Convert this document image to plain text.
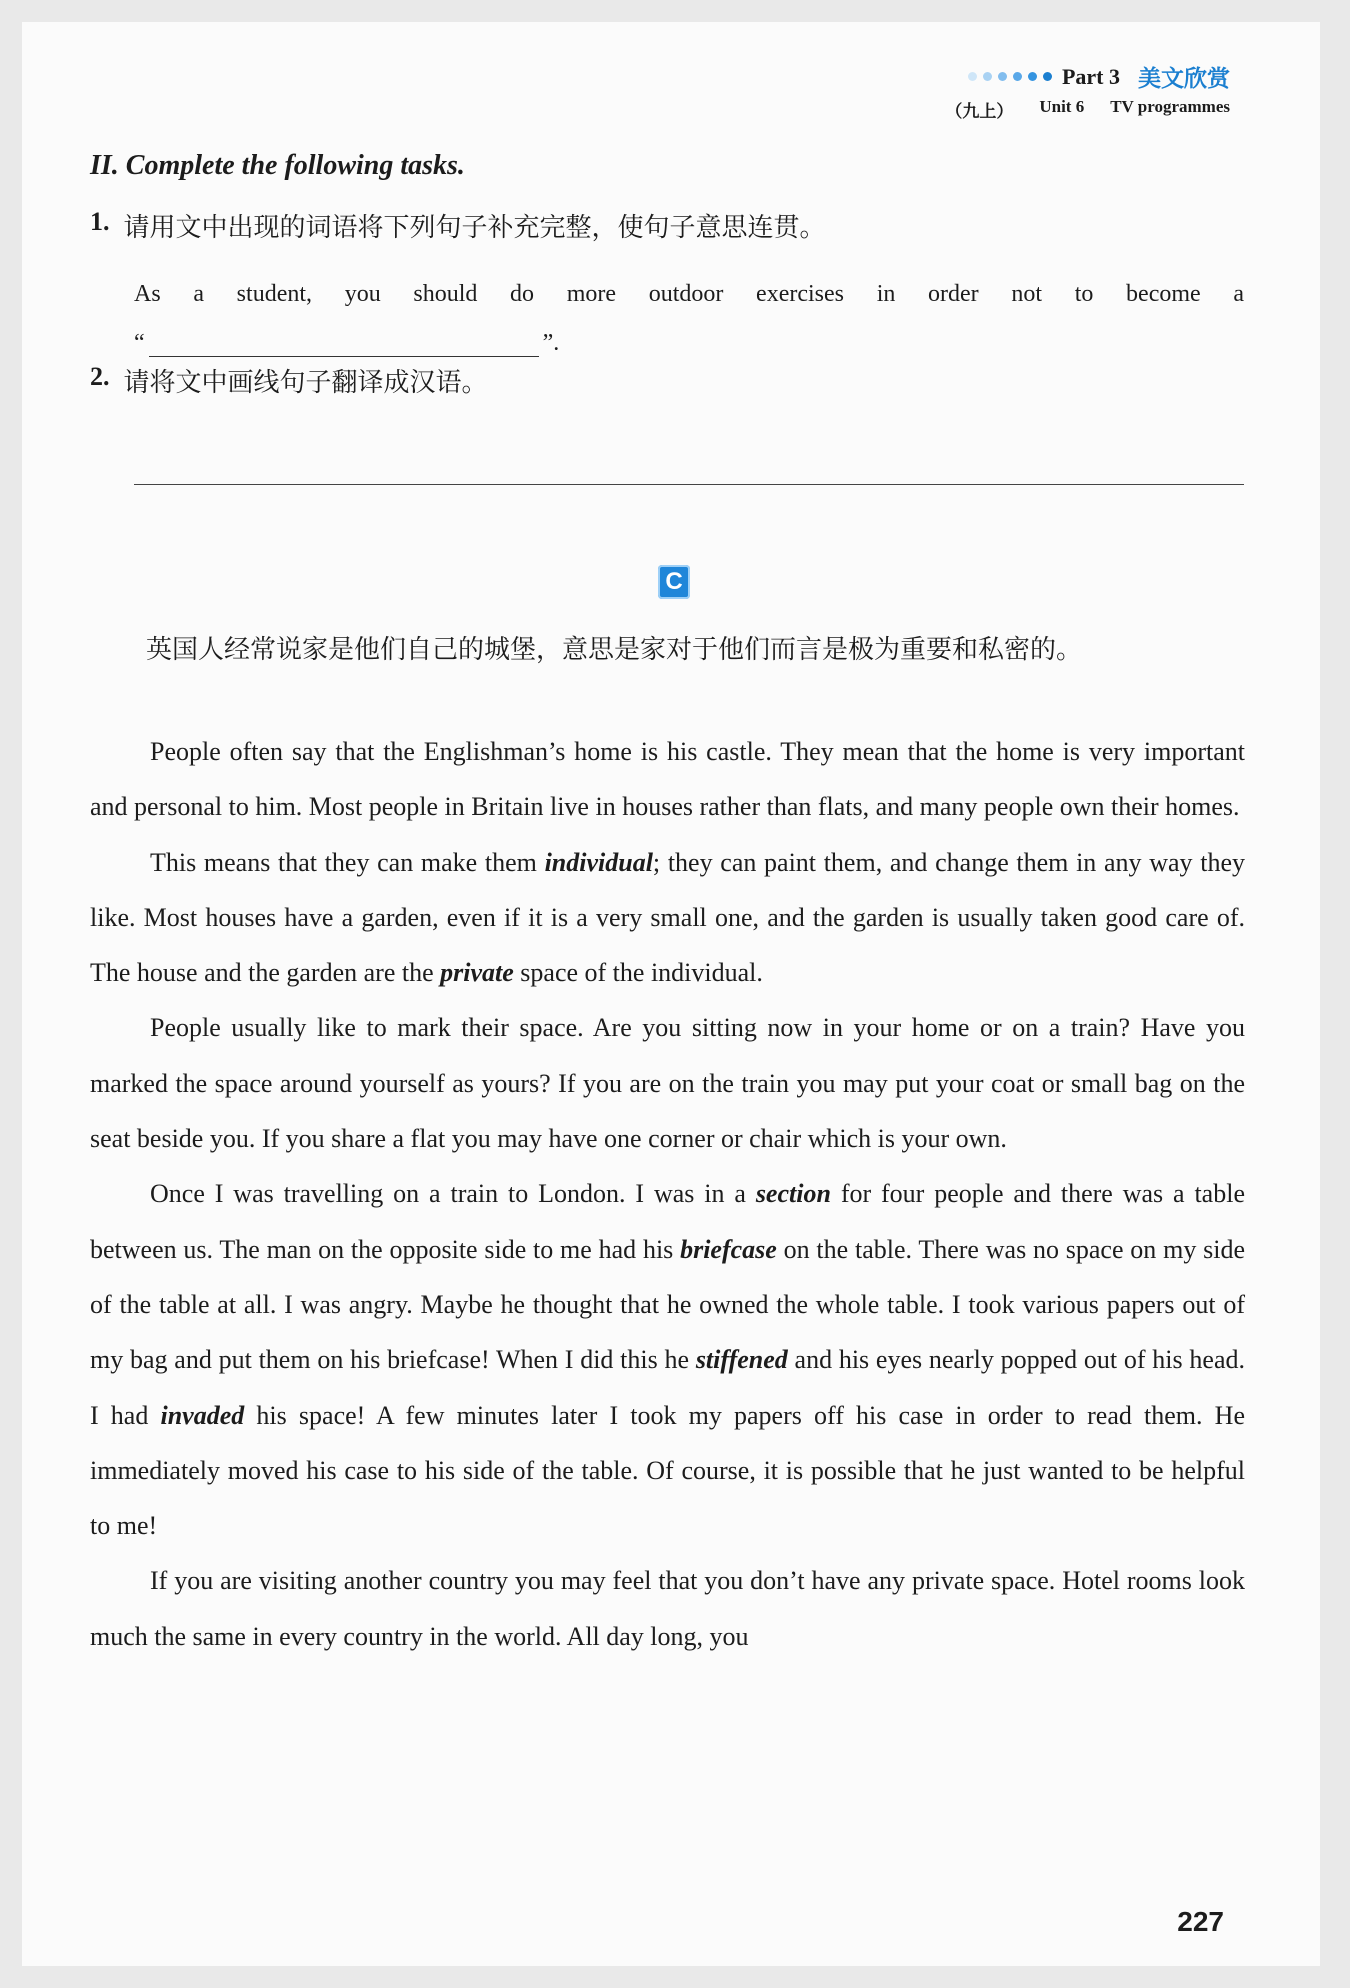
Part 3 美文欣赏
（九上） Unit 6 TV programmes
II. Complete the following tasks.
1. 请用文中出现的词语将下列句子补充完整，使句子意思连贯。
As a student, you should do more outdoor exercises in order not to become a
“	”.
2. 请将文中画线句子翻译成汉语。
C
英国人经常说家是他们自己的城堡，意思是家对于他们而言是极为重要和私密的。

People often say that the Englishman’s home is his castle. They mean that the home is very important and personal to him. Most people in Britain live in houses rather than flats, and many people own their homes.

This means that they can make them individual; they can paint them, and change them in any way they like. Most houses have a garden, even if it is a very small one, and the garden is usually taken good care of. The house and the garden are the private space of the individual.

People usually like to mark their space. Are you sitting now in your home or on a train? Have you marked the space around yourself as yours? If you are on the train you may put your coat or small bag on the seat beside you. If you share a flat you may have one corner or chair which is your own.

Once I was travelling on a train to London. I was in a section for four people and there was a table between us. The man on the opposite side to me had his briefcase on the table. There was no space on my side of the table at all. I was angry. Maybe he thought that he owned the whole table. I took various papers out of my bag and put them on his briefcase! When I did this he stiffened and his eyes nearly popped out of his head. I had invaded his space! A few minutes later I took my papers off his case in order to read them. He immediately moved his case to his side of the table. Of course, it is possible that he just wanted to be helpful to me!

If you are visiting another country you may feel that you don’t have any private space. Hotel rooms look much the same in every country in the world. All day long, you

227
